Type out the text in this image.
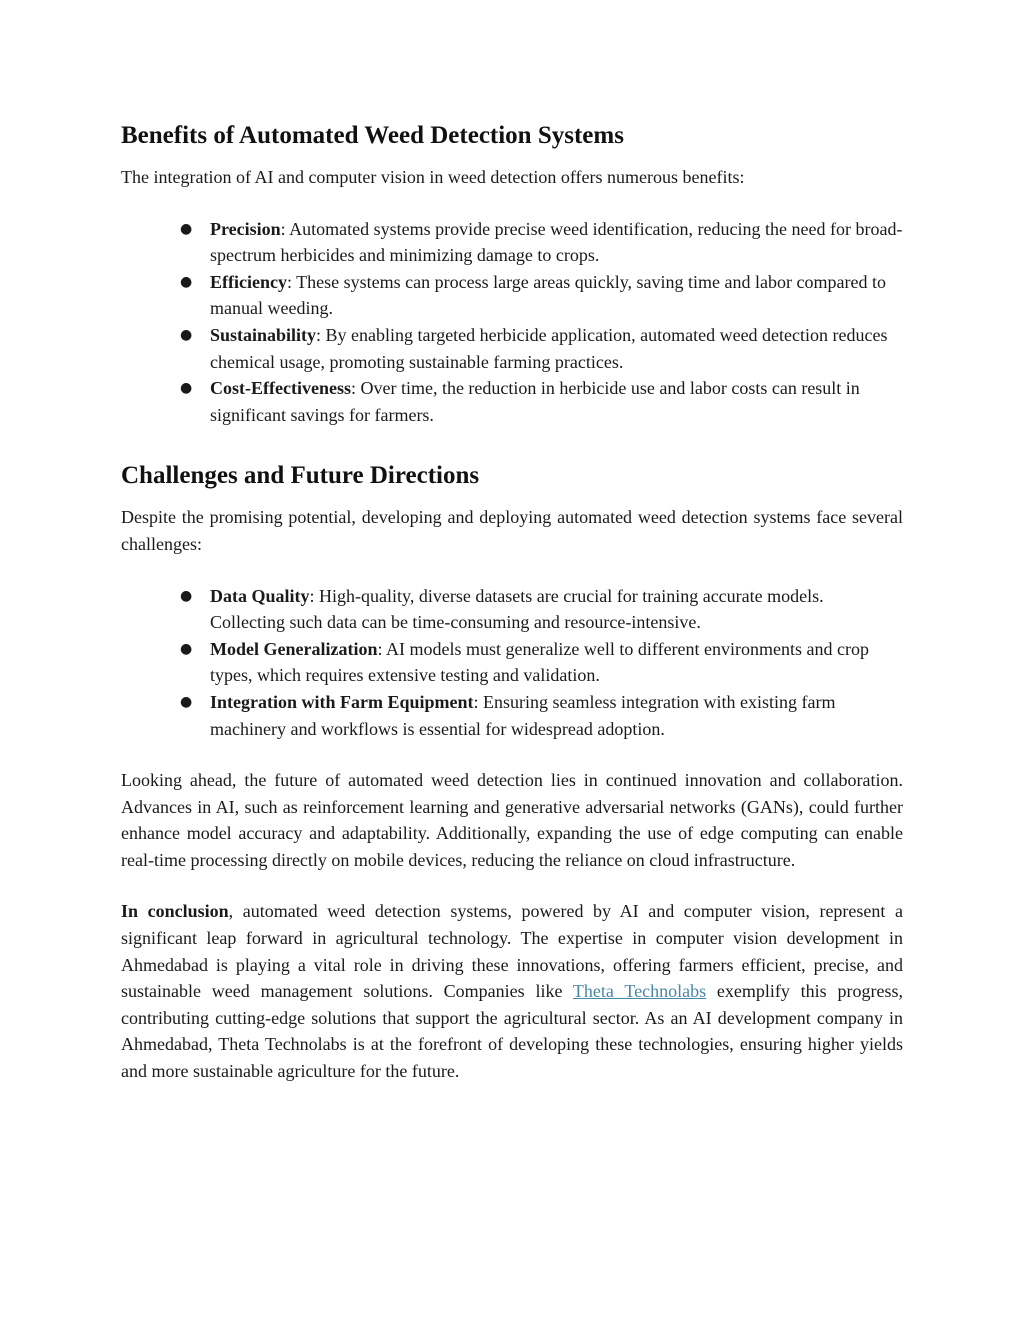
Benefits of Automated Weed Detection Systems

The integration of AI and computer vision in weed detection offers numerous benefits:

● Precision: Automated systems provide precise weed identification, reducing the need for broad-spectrum herbicides and minimizing damage to crops.
● Efficiency: These systems can process large areas quickly, saving time and labor compared to manual weeding.
● Sustainability: By enabling targeted herbicide application, automated weed detection reduces chemical usage, promoting sustainable farming practices.
● Cost-Effectiveness: Over time, the reduction in herbicide use and labor costs can result in significant savings for farmers.
Challenges and Future Directions

Despite the promising potential, developing and deploying automated weed detection systems face several challenges:

● Data Quality: High-quality, diverse datasets are crucial for training accurate models. Collecting such data can be time-consuming and resource-intensive.
● Model Generalization: AI models must generalize well to different environments and crop types, which requires extensive testing and validation.
● Integration with Farm Equipment: Ensuring seamless integration with existing farm machinery and workflows is essential for widespread adoption.

Looking ahead, the future of automated weed detection lies in continued innovation and collaboration. Advances in AI, such as reinforcement learning and generative adversarial networks (GANs), could further enhance model accuracy and adaptability. Additionally, expanding the use of edge computing can enable real-time processing directly on mobile devices, reducing the reliance on cloud infrastructure.

In conclusion, automated weed detection systems, powered by AI and computer vision, represent a significant leap forward in agricultural technology. The expertise in computer vision development in Ahmedabad is playing a vital role in driving these innovations, offering farmers efficient, precise, and sustainable weed management solutions. Companies like Theta Technolabs exemplify this progress, contributing cutting-edge solutions that support the agricultural sector. As an AI development company in Ahmedabad, Theta Technolabs is at the forefront of developing these technologies, ensuring higher yields and more sustainable agriculture for the future.
